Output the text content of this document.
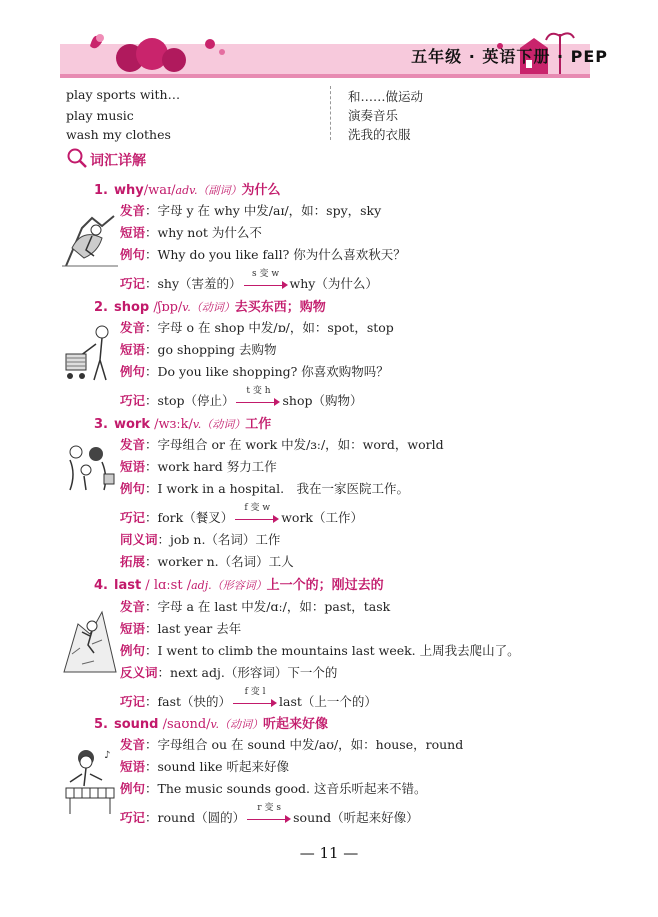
五年级 · 英语下册 · PEP
play sports with…	和……做运动
play music	演奏音乐
wash my clothes	洗我的衣服
词汇详解
1. why/waɪ/adv.（副词）为什么
发音：字母 y 在 why 中发/aɪ/，如：spy，sky
短语：why not 为什么不
例句：Why do you like fall? 你为什么喜欢秋天？
巧记：shy（害羞的）
s 变 w
why（为什么）
2. shop /ʃɒp/v.（动词）去买东西；购物
发音：字母 o 在 shop 中发/ɒ/，如：spot，stop
短语：go shopping 去购物
例句：Do you like shopping? 你喜欢购物吗？
巧记：stop（停止）
t 变 h
shop（购物）
3. work /wɜːk/v.（动词）工作
发音：字母组合 or 在 work 中发/ɜː/，如：word，world
短语：work hard 努力工作
例句：I work in a hospital.　我在一家医院工作。
巧记：fork（餐叉）
f 变 w
work（工作）
同义词：job n.（名词）工作
拓展：worker n.（名词）工人
4. last / lɑːst /adj.（形容词）上一个的；刚过去的
发音：字母 a 在 last 中发/ɑː/，如：past，task
短语：last year 去年
例句：I went to climb the mountains last week. 上周我去爬山了。
反义词：next adj.（形容词）下一个的
巧记：fast（快的）
f 变 l
last（上一个的）
5. sound /saʊnd/v.（动词）听起来好像
♪
发音：字母组合 ou 在 sound 中发/aʊ/，如：house，round
短语：sound like 听起来好像
例句：The music sounds good. 这音乐听起来不错。
巧记：round（圆的）
r 变 s
sound（听起来好像）
— 11 —
